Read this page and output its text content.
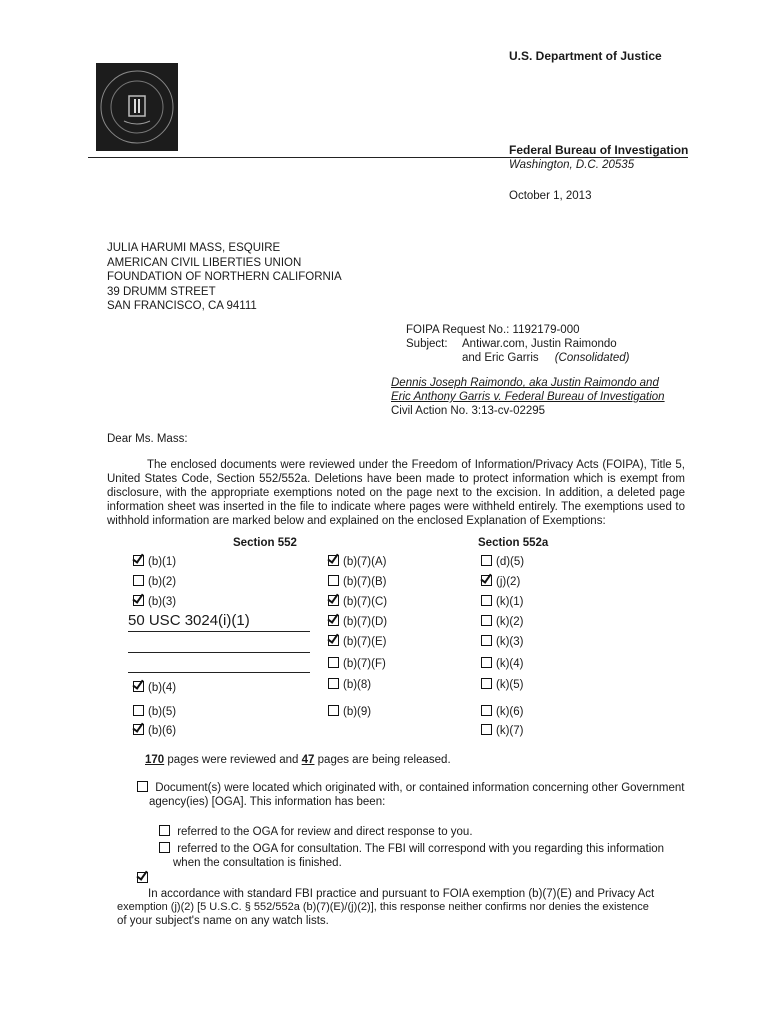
U.S. Department of Justice
Federal Bureau of Investigation
Washington, D.C. 20535
October 1, 2013
JULIA HARUMI MASS, ESQUIRE
AMERICAN CIVIL LIBERTIES UNION
FOUNDATION OF NORTHERN CALIFORNIA
39 DRUMM STREET
SAN FRANCISCO, CA 94111
FOIPA Request No.: 1192179-000
Subject:	Antiwar.com, Justin Raimondo
and Eric Garris (Consolidated)
Dennis Joseph Raimondo, aka Justin Raimondo and
Eric Anthony Garris v. Federal Bureau of Investigation
Civil Action No. 3:13-cv-02295
Dear Ms. Mass:

The enclosed documents were reviewed under the Freedom of Information/Privacy Acts (FOIPA), Title 5, United States Code, Section 552/552a. Deletions have been made to protect information which is exempt from disclosure, with the appropriate exemptions noted on the page next to the excision. In addition, a deleted page information sheet was inserted in the file to indicate where pages were withheld entirely. The exemptions used to withhold information are marked below and explained on the enclosed Explanation of Exemptions:

Section 552	Section 552a
(b)(1)
(b)(2)
(b)(3)
50 USC 3024(i)(1)
(b)(4)
(b)(5)
(b)(6)
(b)(7)(A)
(b)(7)(B)
(b)(7)(C)
(b)(7)(D)
(b)(7)(E)
(b)(7)(F)
(b)(8)
(b)(9)
(d)(5)
(j)(2)
(k)(1)
(k)(2)
(k)(3)
(k)(4)
(k)(5)
(k)(6)
(k)(7)
170 pages were reviewed and 47 pages are being released.
Document(s) were located which originated with, or contained information concerning other Government
agency(ies) [OGA]. This information has been:
referred to the OGA for review and direct response to you.
referred to the OGA for consultation. The FBI will correspond with you regarding this information
when the consultation is finished.
In accordance with standard FBI practice and pursuant to FOIA exemption (b)(7)(E) and Privacy Act
exemption (j)(2) [5 U.S.C. § 552/552a (b)(7)(E)/(j)(2)], this response neither confirms nor denies the existence
of your subject's name on any watch lists.
